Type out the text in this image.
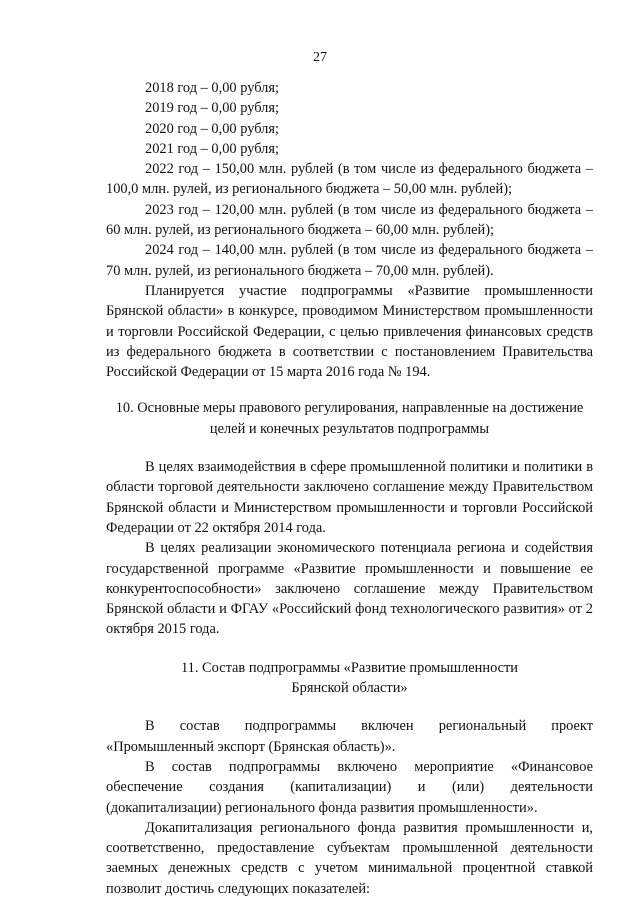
27
2018 год – 0,00 рубля;
2019 год – 0,00 рубля;
2020 год – 0,00 рубля;
2021 год – 0,00 рубля;

2022 год – 150,00 млн. рублей (в том числе из федерального бюджета – 100,0 млн. рулей, из регионального бюджета – 50,00 млн. рублей);

2023 год – 120,00 млн. рублей (в том числе из федерального бюджета – 60 млн. рулей, из регионального бюджета – 60,00 млн. рублей);

2024 год – 140,00 млн. рублей (в том числе из федерального бюджета – 70 млн. рулей, из регионального бюджета – 70,00 млн. рублей).

Планируется участие подпрограммы «Развитие промышленности Брянской области» в конкурсе, проводимом Министерством промышленности и торговли Российской Федерации, с целью привлечения финансовых средств из федерального бюджета в соответствии с постановлением Правительства Российской Федерации от 15 марта 2016 года № 194.

10. Основные меры правового регулирования, направленные на достижение
целей и конечных результатов подпрограммы

В целях взаимодействия в сфере промышленной политики и политики в области торговой деятельности заключено соглашение между Правительством Брянской области и Министерством промышленности и торговли Российской Федерации от 22 октября 2014 года.

В целях реализации экономического потенциала региона и содействия государственной программе «Развитие промышленности и повышение ее конкурентоспособности» заключено соглашение между Правительством Брянской области и ФГАУ «Российский фонд технологического развития» от 2 октября 2015 года.

11. Состав подпрограммы «Развитие промышленности
Брянской области»

В состав подпрограммы включен региональный проект «Промышленный экспорт (Брянская область)».

В состав подпрограммы включено мероприятие «Финансовое обеспечение создания (капитализации) и (или) деятельности (докапитализации) регионального фонда развития промышленности».

Докапитализация регионального фонда развития промышленности и, соответственно, предоставление субъектам промышленной деятельности заемных денежных средств с учетом минимальной процентной ставкой позволит достичь следующих показателей:
